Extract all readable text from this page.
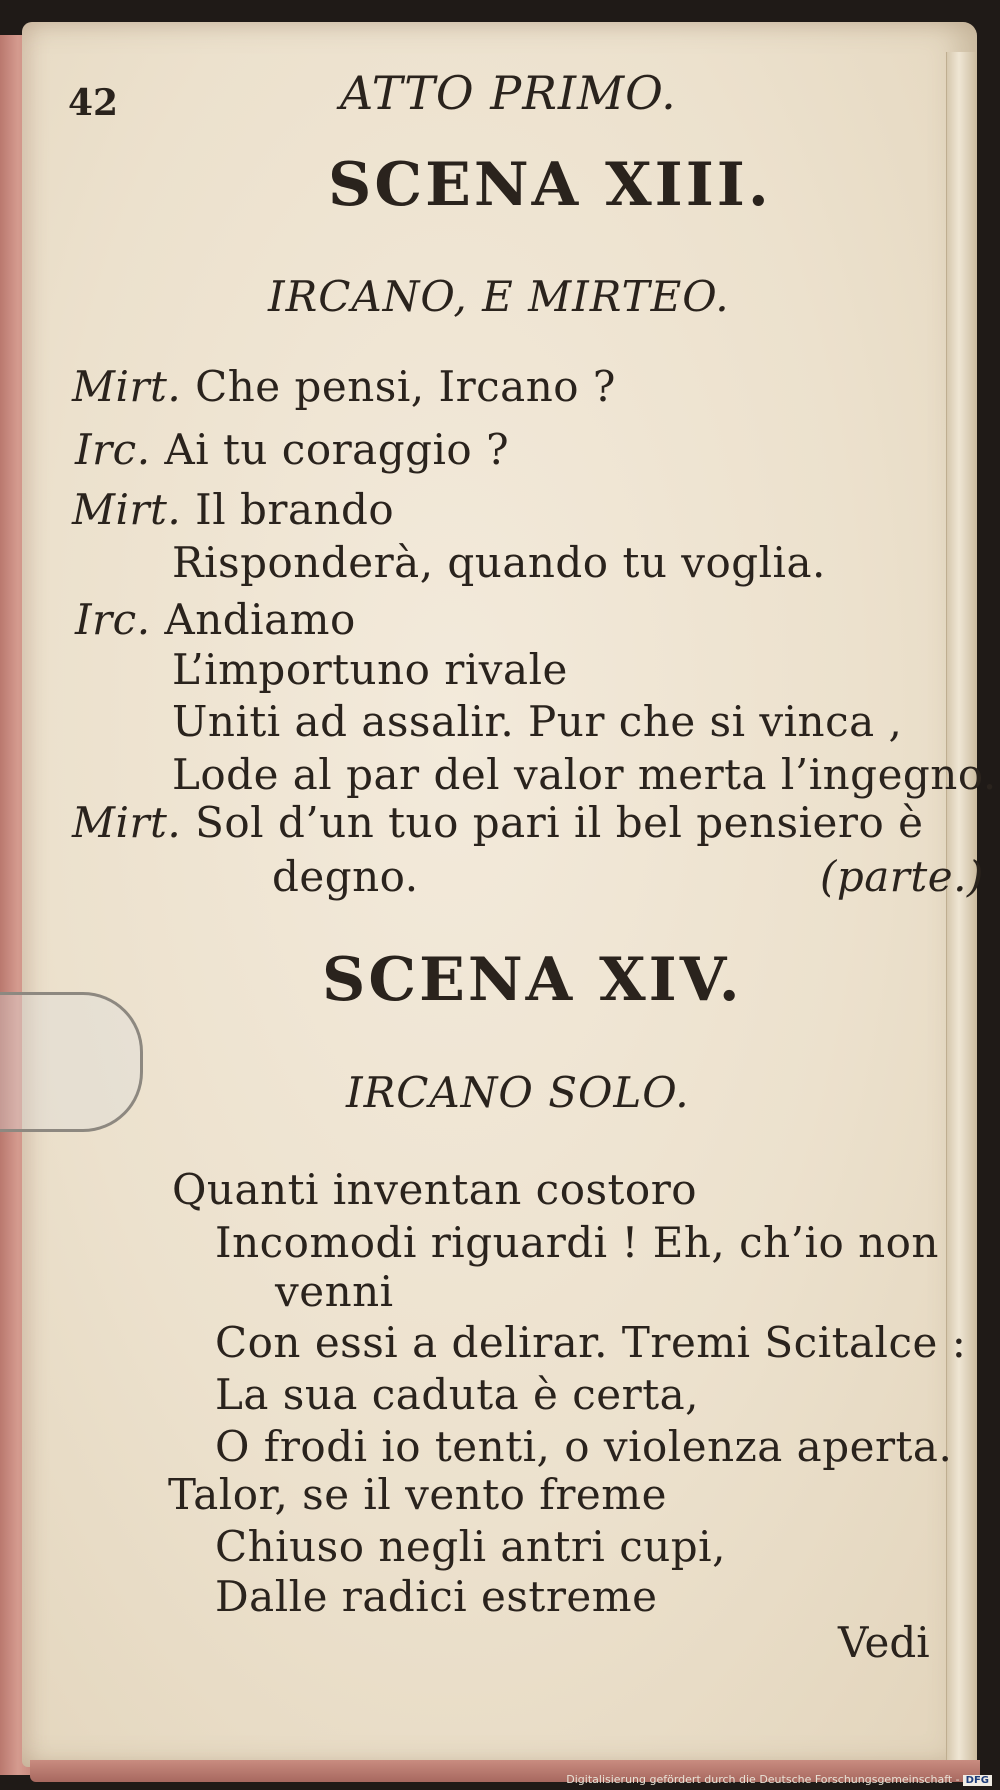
42	ATTO PRIMO.
SCENA XIII.
IRCANO, E MIRTEO.
Mirt. Che pensi, Ircano ?
Irc. Ai tu coraggio ?
Mirt. Il brando
Risponderà, quando tu voglia.
Irc. Andiamo
L’importuno rivale
Uniti ad assalir. Pur che si vinca ,
Lode al par del valor merta l’ingegno.
Mirt. Sol d’un tuo pari il bel pensiero è
degno.	(parte.)
SCENA XIV.
IRCANO SOLO.
Quanti inventan costoro
Incomodi riguardi ! Eh, ch’io non
venni
Con essi a delirar. Tremi Scitalce :
La sua caduta è certa,
O frodi io tenti, o violenza aperta.
Talor, se il vento freme
Chiuso negli antri cupi,
Dalle radici estreme
Vedi
Digitalisierung gefördert durch die Deutsche Forschungsgemeinschaft - DFG
